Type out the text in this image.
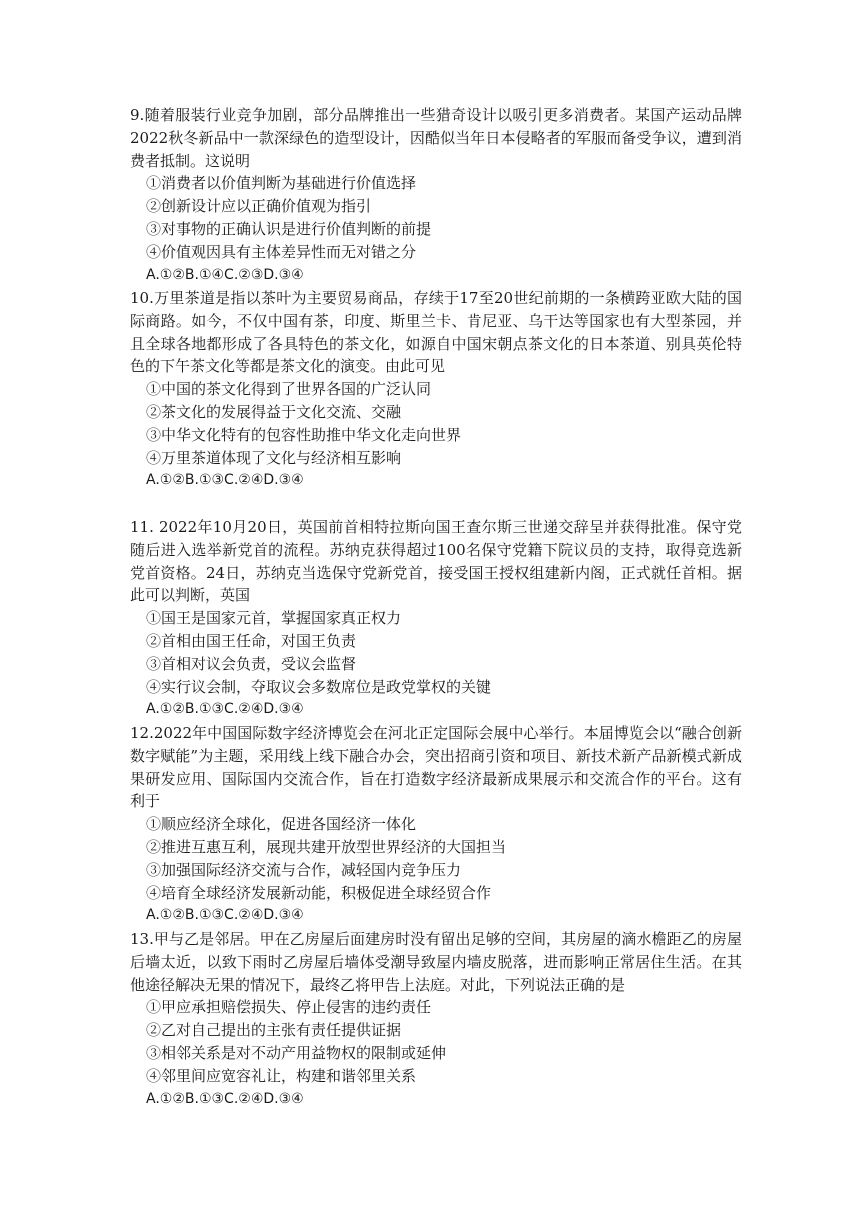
9.随着服装行业竞争加剧，部分品牌推出一些猎奇设计以吸引更多消费者。某国产运动品牌2022秋冬新品中一款深绿色的造型设计，因酷似当年日本侵略者的军服而备受争议，遭到消费者抵制。这说明

①消费者以价值判断为基础进行价值选择

②创新设计应以正确价值观为指引

③对事物的正确认识是进行价值判断的前提

④价值观因具有主体差异性而无对错之分

A.①②B.①④C.②③D.③④

10.万里茶道是指以茶叶为主要贸易商品，存续于17至20世纪前期的一条横跨亚欧大陆的国际商路。如今，不仅中国有茶，印度、斯里兰卡、肯尼亚、乌干达等国家也有大型茶园，并且全球各地都形成了各具特色的茶文化，如源自中国宋朝点茶文化的日本茶道、别具英伦特色的下午茶文化等都是茶文化的演变。由此可见

①中国的茶文化得到了世界各国的广泛认同

②茶文化的发展得益于文化交流、交融

③中华文化特有的包容性助推中华文化走向世界

④万里茶道体现了文化与经济相互影响

A.①②B.①③C.②④D.③④

11. 2022年10月20日，英国前首相特拉斯向国王查尔斯三世递交辞呈并获得批准。保守党随后进入选举新党首的流程。苏纳克获得超过100名保守党籍下院议员的支持，取得竞选新党首资格。24日，苏纳克当选保守党新党首，接受国王授权组建新内阁，正式就任首相。据此可以判断，英国

①国王是国家元首，掌握国家真正权力

②首相由国王任命，对国王负责

③首相对议会负责，受议会监督

④实行议会制，夺取议会多数席位是政党掌权的关键

A.①②B.①③C.②④D.③④

12.2022年中国国际数字经济博览会在河北正定国际会展中心举行。本届博览会以“融合创新数字赋能”为主题，采用线上线下融合办会，突出招商引资和项目、新技术新产品新模式新成果研发应用、国际国内交流合作，旨在打造数字经济最新成果展示和交流合作的平台。这有利于

①顺应经济全球化，促进各国经济一体化

②推进互惠互利，展现共建开放型世界经济的大国担当

③加强国际经济交流与合作，减轻国内竞争压力

④培育全球经济发展新动能，积极促进全球经贸合作

A.①②B.①③C.②④D.③④

13.甲与乙是邻居。甲在乙房屋后面建房时没有留出足够的空间，其房屋的滴水檐距乙的房屋后墙太近，以致下雨时乙房屋后墙体受潮导致屋内墙皮脱落，进而影响正常居住生活。在其他途径解决无果的情况下，最终乙将甲告上法庭。对此，下列说法正确的是

①甲应承担赔偿损失、停止侵害的违约责任

②乙对自己提出的主张有责任提供证据

③相邻关系是对不动产用益物权的限制或延伸

④邻里间应宽容礼让，构建和谐邻里关系

A.①②B.①③C.②④D.③④
